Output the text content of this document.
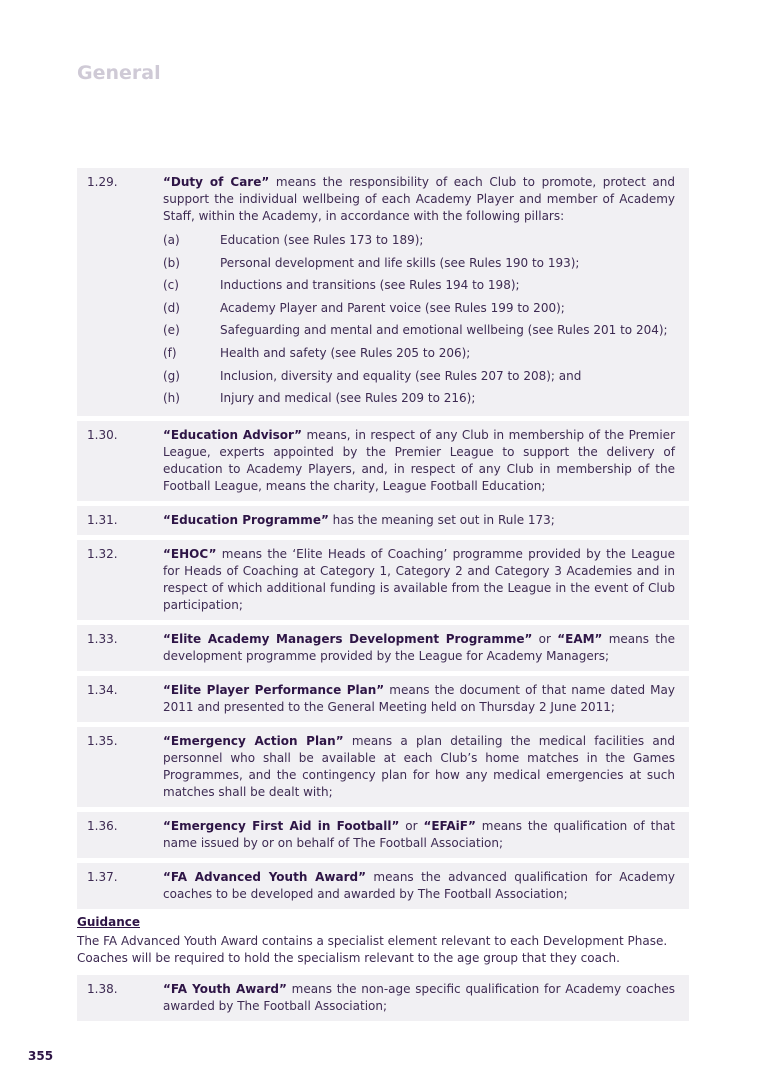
General
1.29.	“Duty of Care” means the responsibility of each Club to promote, protect and support the individual wellbeing of each Academy Player and member of Academy Staff, within the Academy, in accordance with the following pillars:
(a)	Education (see Rules 173 to 189);
(b)	Personal development and life skills (see Rules 190 to 193);
(c)	Inductions and transitions (see Rules 194 to 198);
(d)	Academy Player and Parent voice (see Rules 199 to 200);
(e)	Safeguarding and mental and emotional wellbeing (see Rules 201 to 204);
(f)	Health and safety (see Rules 205 to 206);
(g)	Inclusion, diversity and equality (see Rules 207 to 208); and
(h)	Injury and medical (see Rules 209 to 216);
1.30.	“Education Advisor” means, in respect of any Club in membership of the Premier League, experts appointed by the Premier League to support the delivery of education to Academy Players, and, in respect of any Club in membership of the Football League, means the charity, League Football Education;
1.31.	“Education Programme” has the meaning set out in Rule 173;
1.32.	“EHOC” means the ‘Elite Heads of Coaching’ programme provided by the League for Heads of Coaching at Category 1, Category 2 and Category 3 Academies and in respect of which additional funding is available from the League in the event of Club participation;
1.33.	“Elite Academy Managers Development Programme” or “EAM” means the development programme provided by the League for Academy Managers;
1.34.	“Elite Player Performance Plan” means the document of that name dated May 2011 and presented to the General Meeting held on Thursday 2 June 2011;
1.35.	“Emergency Action Plan” means a plan detailing the medical facilities and personnel who shall be available at each Club’s home matches in the Games Programmes, and the contingency plan for how any medical emergencies at such matches shall be dealt with;
1.36.	“Emergency First Aid in Football” or “EFAiF” means the qualification of that name issued by or on behalf of The Football Association;
1.37.	“FA Advanced Youth Award” means the advanced qualification for Academy coaches to be developed and awarded by The Football Association;
Guidance
The FA Advanced Youth Award contains a specialist element relevant to each Development Phase. Coaches will be required to hold the specialism relevant to the age group that they coach.
1.38.	“FA Youth Award” means the non-age specific qualification for Academy coaches awarded by The Football Association;
355
